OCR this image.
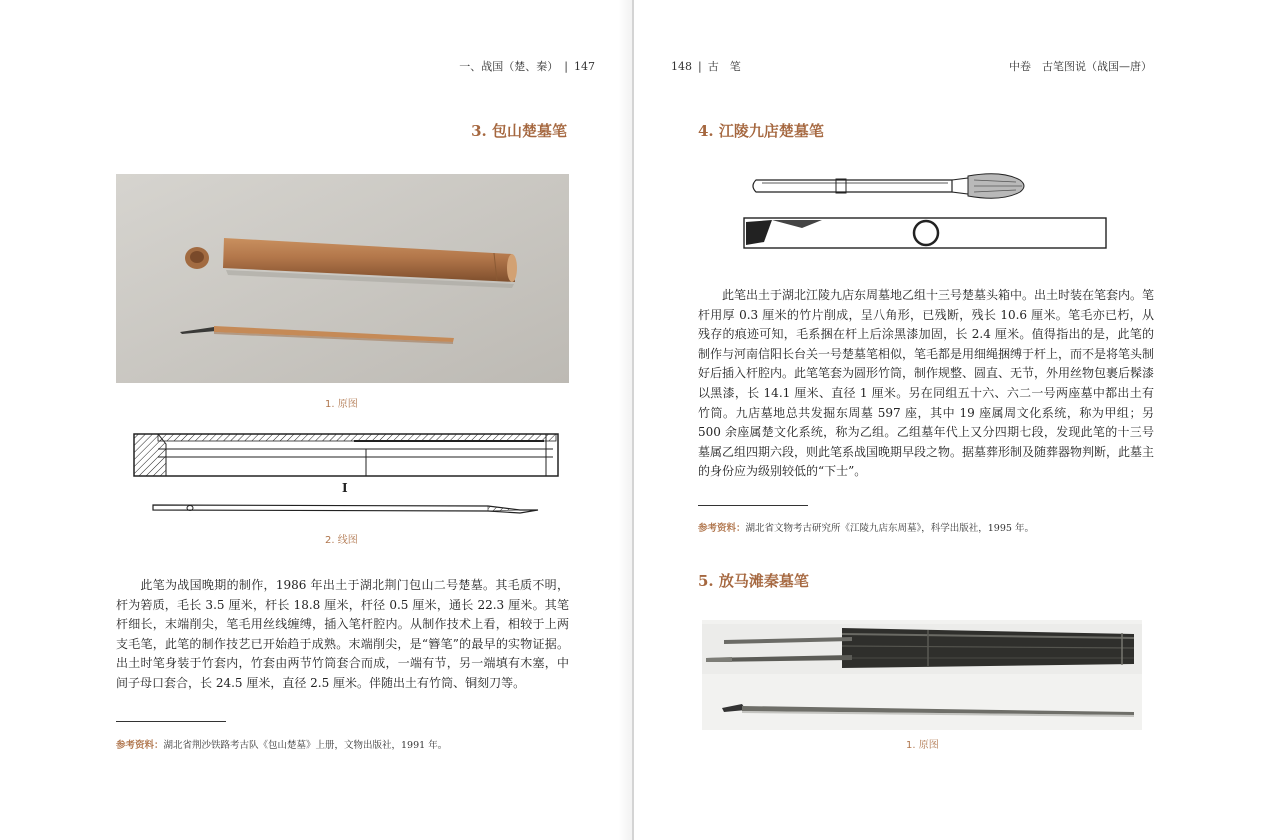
一、战国（楚、秦） | 147
3. 包山楚墓笔
1. 原图
Ⅰ
2. 线图
此笔为战国晚期的制作，1986 年出土于湖北荆门包山二号楚墓。其毛质不明，杆为箬质，毛长 3.5 厘米，杆长 18.8 厘米，杆径 0.5 厘米，通长 22.3 厘米。其笔杆细长，末端削尖，笔毛用丝线缠缚，插入笔杆腔内。从制作技术上看，相较于上两支毛笔，此笔的制作技艺已开始趋于成熟。末端削尖，是“簪笔”的最早的实物证据。出土时笔身装于竹套内，竹套由两节竹筒套合而成，一端有节，另一端填有木塞，中间子母口套合，长 24.5 厘米，直径 2.5 厘米。伴随出土有竹筒、铜刻刀等。
参考资料：湖北省荆沙铁路考古队《包山楚墓》上册，文物出版社，1991 年。
148 | 古　笔	中卷　古笔图说（战国—唐）
4. 江陵九店楚墓笔
此笔出土于湖北江陵九店东周墓地乙组十三号楚墓头箱中。出土时装在笔套内。笔杆用厚 0.3 厘米的竹片削成，呈八角形，已残断，残长 10.6 厘米。笔毛亦已朽，从残存的痕迹可知，毛系捆在杆上后涂黑漆加固，长 2.4 厘米。值得指出的是，此笔的制作与河南信阳长台关一号楚墓笔相似，笔毛都是用细绳捆缚于杆上，而不是将笔头制好后插入杆腔内。此笔笔套为圆形竹筒，制作规整、圆直、无节，外用丝物包裹后髹漆以黑漆，长 14.1 厘米、直径 1 厘米。另在同组五十六、六二一号两座墓中都出土有竹筒。九店墓地总共发掘东周墓 597 座，其中 19 座属周文化系统，称为甲组；另 500 余座属楚文化系统，称为乙组。乙组墓年代上又分四期七段，发现此笔的十三号墓属乙组四期六段，则此笔系战国晚期早段之物。据墓葬形制及随葬器物判断，此墓主的身份应为级别较低的“下士”。
参考资料：湖北省文物考古研究所《江陵九店东周墓》，科学出版社，1995 年。
5. 放马滩秦墓笔
1. 原图
